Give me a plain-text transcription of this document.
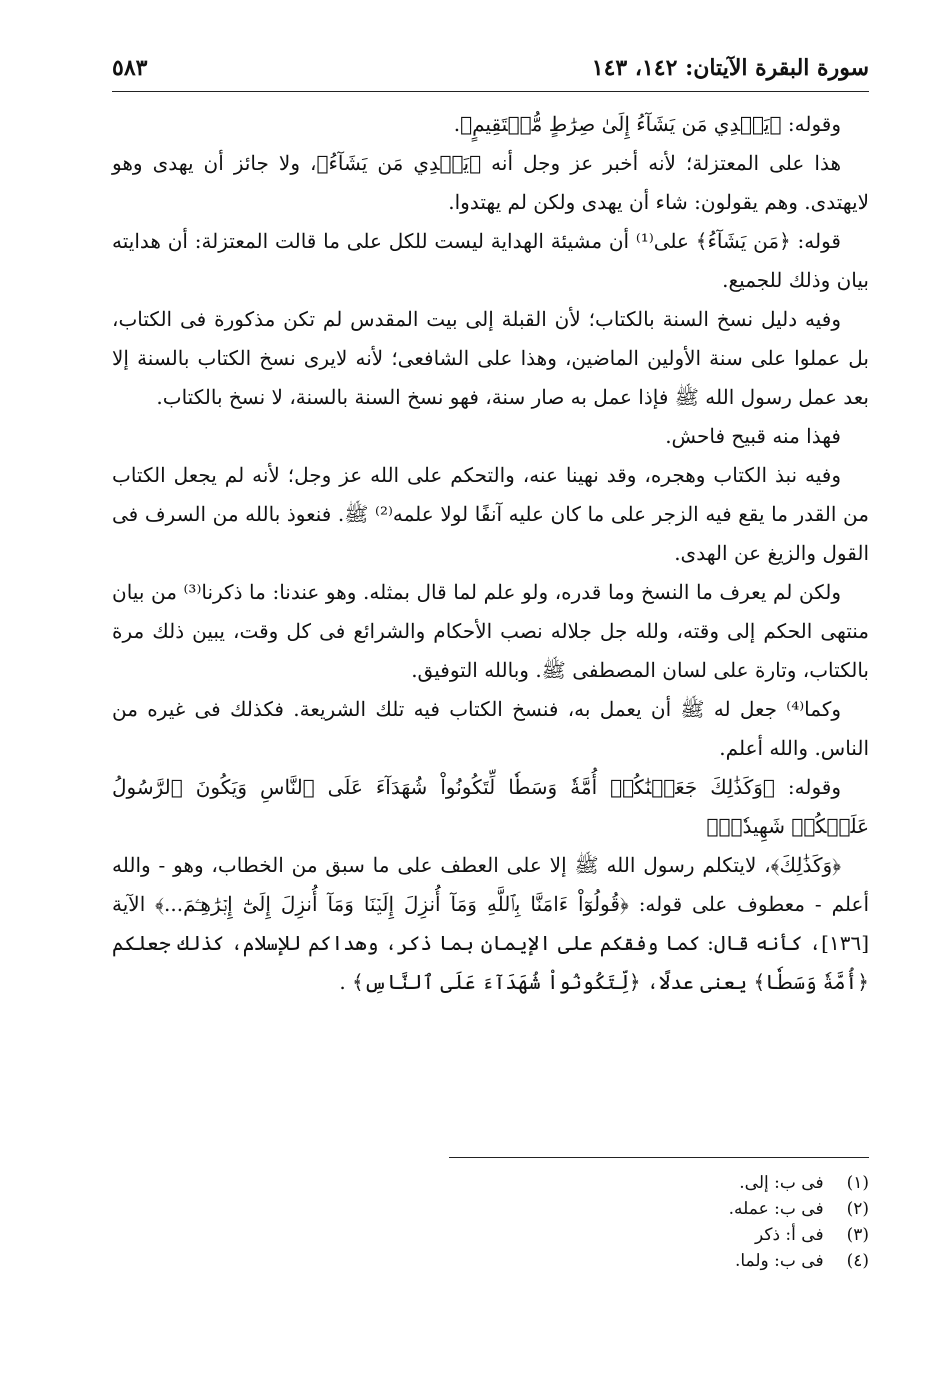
سورة البقرة الآيتان: ١٤٢، ١٤٣
٥٨٣

وقوله: ﴿يَهۡدِي مَن يَشَآءُ إِلَىٰ صِرَٰطٍ مُّسۡتَقِيمٍ﴾.

هذا على المعتزلة؛ لأنه أخبر عز وجل أنه ﴿يَهۡدِي مَن يَشَآءُ﴾، ولا جائز أن يهدى وهو لايهتدى. وهم يقولون: شاء أن يهدى ولكن لم يهتدوا.

قوله: ﴿مَن يَشَآءُ﴾ على⁽¹⁾ أن مشيئة الهداية ليست للكل على ما قالت المعتزلة: أن هدايته بيان وذلك للجميع.

وفيه دليل نسخ السنة بالكتاب؛ لأن القبلة إلى بيت المقدس لم تكن مذكورة فى الكتاب، بل عملوا على سنة الأولين الماضين، وهذا على الشافعى؛ لأنه لايرى نسخ الكتاب بالسنة إلا بعد عمل رسول الله ﷺ فإذا عمل به صار سنة، فهو نسخ السنة بالسنة، لا نسخ بالكتاب.

فهذا منه قبيح فاحش.

وفيه نبذ الكتاب وهجره، وقد نهينا عنه، والتحكم على الله عز وجل؛ لأنه لم يجعل الكتاب من القدر ما يقع فيه الزجر على ما كان عليه آنفًا لولا علمه⁽²⁾ ﷺ. فنعوذ بالله من السرف فى القول والزيغ عن الهدى.

ولكن لم يعرف ما النسخ وما قدره، ولو علم لما قال بمثله. وهو عندنا: ما ذكرنا⁽³⁾ من بيان منتهى الحكم إلى وقته، ولله جل جلاله نصب الأحكام والشرائع فى كل وقت، يبين ذلك مرة بالكتاب، وتارة على لسان المصطفى ﷺ. وبالله التوفيق.

وكما⁽⁴⁾ جعل له ﷺ أن يعمل به، فنسخ الكتاب فيه تلك الشريعة. فكذلك فى غيره من الناس. والله أعلم.

وقوله: ﴿وَكَذَٰلِكَ جَعَلۡنَٰكُمۡ أُمَّةٗ وَسَطٗا لِّتَكُونُواْ شُهَدَآءَ عَلَى ٱلنَّاسِ وَيَكُونَ ٱلرَّسُولُ عَلَيۡكُمۡ شَهِيدٗاۗ﴾

﴿وَكَذَٰلِكَ﴾، لايتكلم رسول الله ﷺ إلا على العطف على ما سبق من الخطاب، وهو - والله أعلم - معطوف على قوله: ﴿قُولُوٓاْ ءَامَنَّا بِٱللَّهِ وَمَآ أُنزِلَ إِلَيۡنَا وَمَآ أُنزِلَ إِلَىٰٓ إِبۡرَٰهِـۧمَ...﴾ الآية [١٣٦]، كأنه قال: كما وفقكم على الإيمان بما ذكر، وهداكم للإسلام، كذلك جعلكم ﴿أُمَّةٗ وَسَطٗا﴾ يعنى عدلًا، ﴿لِّتَكُونُواْ شُهَدَآءَ عَلَى ٱلنَّاسِ﴾ .

(١) فى ب: إلى.
(٢) فى ب: عمله.
(٣) فى أ: ذكر
(٤) فى ب: ولما.
